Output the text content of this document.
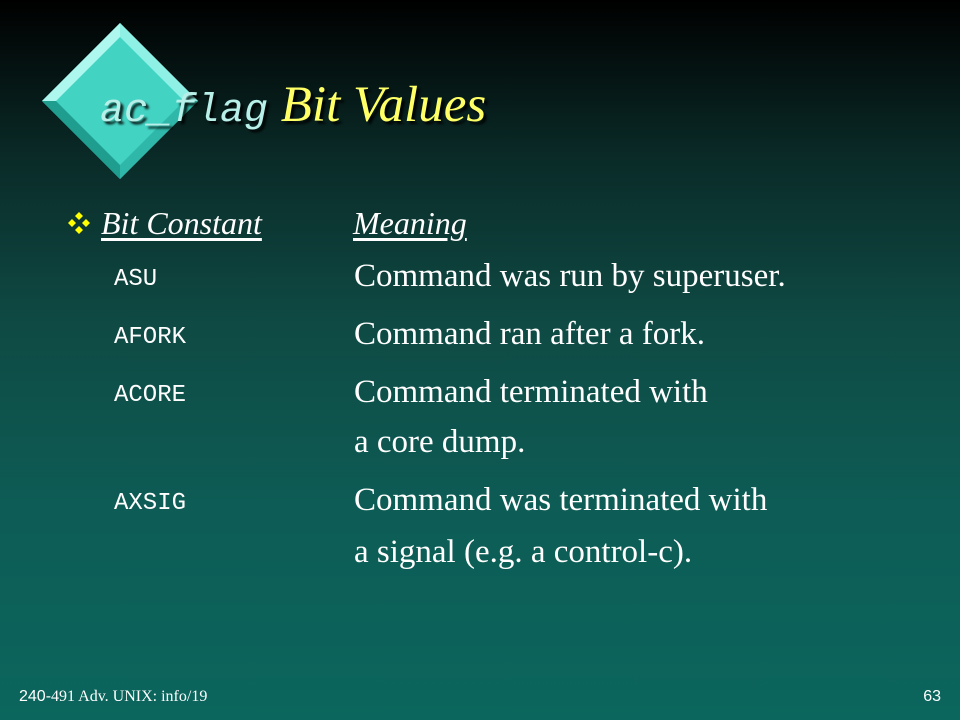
ac_flag Bit Values
Bit Constant	Meaning
ASU	Command was run by superuser.
AFORK	Command ran after a fork.
ACORE	Command terminated with
a core dump.
AXSIG	Command was terminated with
a signal (e.g. a control-c).
240-491 Adv. UNIX: info/19	63
